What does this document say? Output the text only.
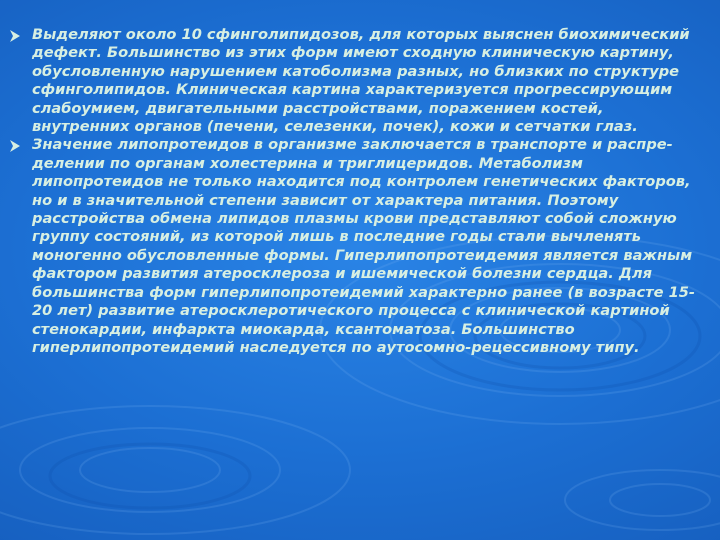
Выделяют около 10 сфинголипидозов, для которых выяснен биохимический дефект. Большинство из этих форм имеют сходную клиническую картину, обусловленную нарушением катоболизма разных, но близких по структуре сфинголипидов. Клиническая картина характеризуется прогрессирующим слабоумием, двигательными расстройствами, поражением костей, внутренних органов (печени, селезенки, почек), кожи и сетчатки глаз.
Значение липопротеидов в организме заключается в транспорте и распре-делении по органам холестерина и триглицеридов. Метаболизм липопротеидов не только находится под контролем генетических факторов, но и в значительной степени зависит от характера питания. Поэтому расстройства обмена липидов плазмы крови представляют собой сложную группу состояний, из которой лишь в последние годы стали вычленять моногенно обусловленные формы. Гиперлипопротеидемия является важным фактором развития атеросклероза и ишемической болезни сердца. Для большинства форм гиперлипопротеидемий характерно ранее (в возрасте 15-20 лет) развитие атеросклеротического процесса с клинической картиной стенокардии, инфаркта миокарда, ксантоматоза. Большинство гиперлипопротеидемий наследуется по аутосомно-рецессивному типу.
